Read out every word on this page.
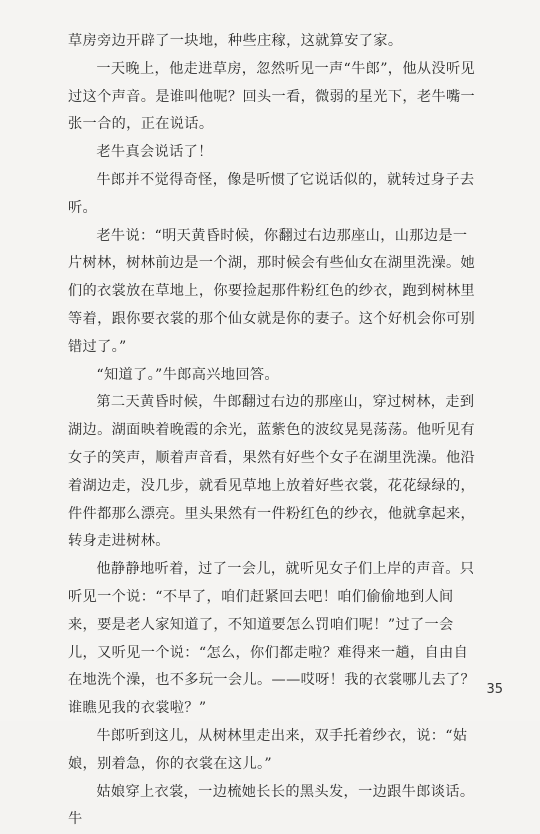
草房旁边开辟了一块地，种些庄稼，这就算安了家。

一天晚上，他走进草房，忽然听见一声“牛郎”，他从没听见过这个声音。是谁叫他呢？回头一看，微弱的星光下，老牛嘴一张一合的，正在说话。

老牛真会说话了！

牛郎并不觉得奇怪，像是听惯了它说话似的，就转过身子去听。

老牛说：“明天黄昏时候，你翻过右边那座山，山那边是一片树林，树林前边是一个湖，那时候会有些仙女在湖里洗澡。她们的衣裳放在草地上，你要捡起那件粉红色的纱衣，跑到树林里等着，跟你要衣裳的那个仙女就是你的妻子。这个好机会你可别错过了。”

“知道了。”牛郎高兴地回答。

第二天黄昏时候，牛郎翻过右边的那座山，穿过树林，走到湖边。湖面映着晚霞的余光，蓝紫色的波纹晃晃荡荡。他听见有女子的笑声，顺着声音看，果然有好些个女子在湖里洗澡。他沿着湖边走，没几步，就看见草地上放着好些衣裳，花花绿绿的，件件都那么漂亮。里头果然有一件粉红色的纱衣，他就拿起来，转身走进树林。

他静静地听着，过了一会儿，就听见女子们上岸的声音。只听见一个说：“不早了，咱们赶紧回去吧！咱们偷偷地到人间来，要是老人家知道了，不知道要怎么罚咱们呢！”过了一会儿，又听见一个说：“怎么，你们都走啦？难得来一趟，自由自在地洗个澡，也不多玩一会儿。——哎呀！我的衣裳哪儿去了？谁瞧见我的衣裳啦？”

牛郎听到这儿，从树林里走出来，双手托着纱衣，说：“姑娘，别着急，你的衣裳在这儿。”

姑娘穿上衣裳，一边梳她长长的黑头发，一边跟牛郎谈话。牛

35
